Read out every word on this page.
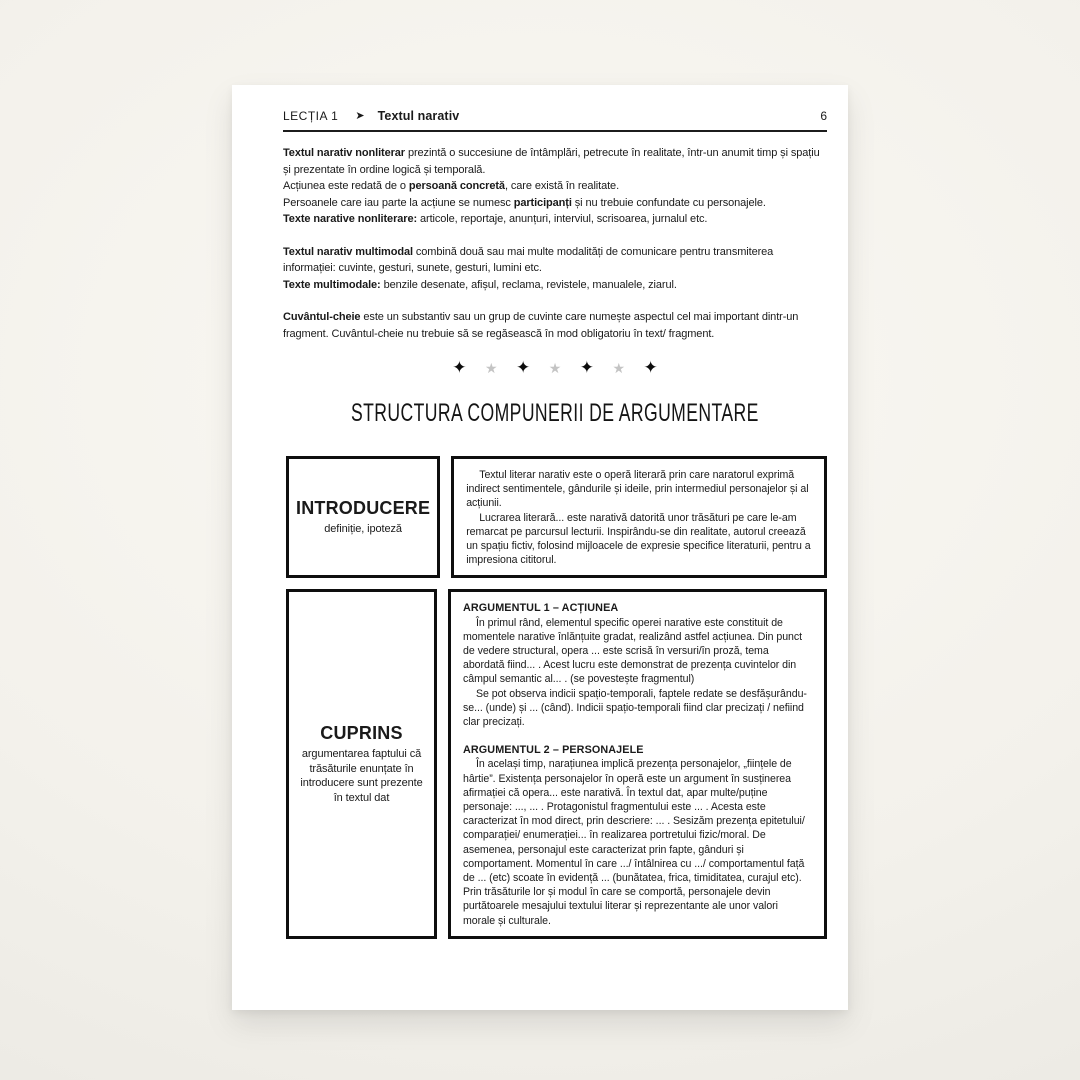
LECȚIA 1 ➤ Textul narativ	6

Textul narativ nonliterar prezintă o succesiune de întâmplări, petrecute în realitate, într-un anumit timp și spațiu și prezentate în ordine logică și temporală.

Acțiunea este redată de o persoană concretă, care există în realitate.

Persoanele care iau parte la acțiune se numesc participanți și nu trebuie confundate cu personajele.

Texte narative nonliterare: articole, reportaje, anunțuri, interviul, scrisoarea, jurnalul etc.

Textul narativ multimodal combină două sau mai multe modalități de comunicare pentru transmiterea informației: cuvinte, gesturi, sunete, gesturi, lumini etc.

Texte multimodale: benzile desenate, afișul, reclama, revistele, manualele, ziarul.

Cuvântul-cheie este un substantiv sau un grup de cuvinte care numește aspectul cel mai important dintr-un fragment. Cuvântul-cheie nu trebuie să se regăsească în mod obligatoriu în text/ fragment.

✦ ★ ✦ ★ ✦ ★ ✦
STRUCTURA COMPUNERII DE ARGUMENTARE
INTRODUCERE
definiție, ipoteză

Textul literar narativ este o operă literară prin care naratorul exprimă indirect sentimentele, gândurile și ideile, prin intermediul personajelor și al acțiunii.

Lucrarea literară... este narativă datorită unor trăsături pe care le-am remarcat pe parcursul lecturii. Inspirându-se din realitate, autorul creează un spațiu fictiv, folosind mijloacele de expresie specifice literaturii, pentru a impresiona cititorul.

CUPRINS
argumentarea faptului că trăsăturile enunțate în introducere sunt prezente în textul dat
ARGUMENTUL 1 – ACȚIUNEA

În primul rând, elementul specific operei narative este constituit de momentele narative înlănțuite gradat, realizând astfel acțiunea. Din punct de vedere structural, opera ... este scrisă în versuri/în proză, tema abordată fiind... . Acest lucru este demonstrat de prezența cuvintelor din câmpul semantic al... . (se povestește fragmentul)

Se pot observa indicii spațio-temporali, faptele redate se desfășurându-se... (unde) și ... (când). Indicii spațio-temporali fiind clar precizați / nefiind clar precizați.

ARGUMENTUL 2 – PERSONAJELE

În același timp, narațiunea implică prezența personajelor, „ființele de hârtie”. Existența personajelor în operă este un argument în susținerea afirmației că opera... este narativă. În textul dat, apar multe/puține personaje: ..., ... . Protagonistul fragmentului este ... . Acesta este caracterizat în mod direct, prin descriere: ... . Sesizăm prezența epitetului/ comparației/ enumerației... în realizarea portretului fizic/moral. De asemenea, personajul este caracterizat prin fapte, gânduri și comportament. Momentul în care .../ întâlnirea cu .../ comportamentul față de ... (etc) scoate în evidență ... (bunătatea, frica, timiditatea, curajul etc). Prin trăsăturile lor și modul în care se comportă, personajele devin purtătoarele mesajului textului literar și reprezentante ale unor valori morale și culturale.
